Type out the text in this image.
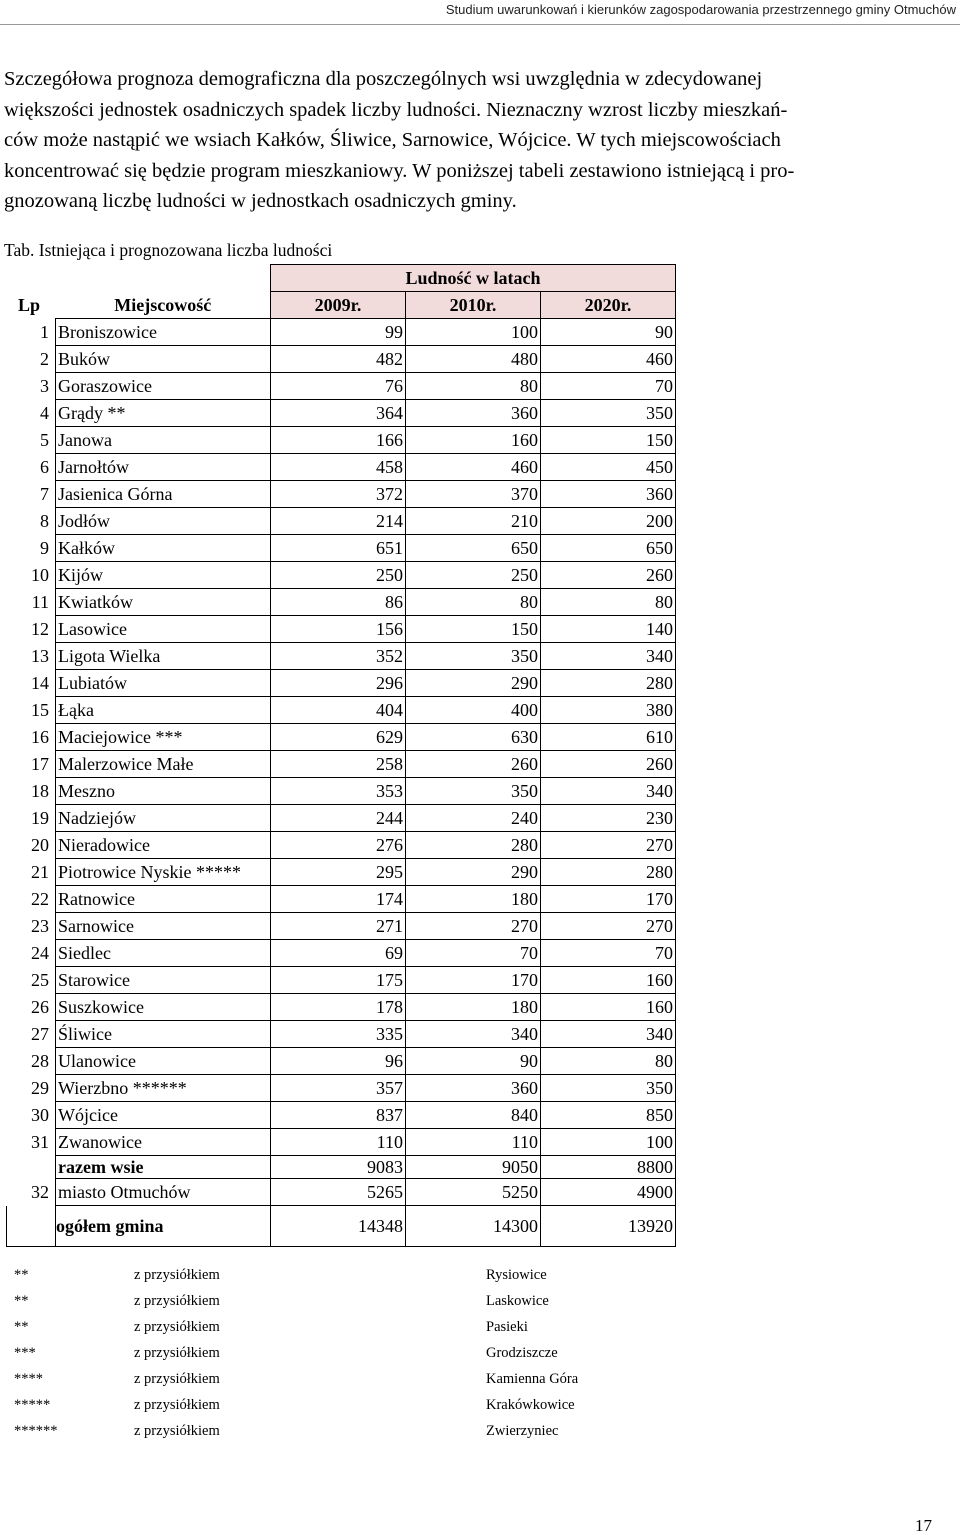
Studium uwarunkowań i kierunków zagospodarowania przestrzennego gminy Otmuchów
Szczegółowa prognoza demograficzna dla poszczególnych wsi uwzględnia w zdecydowanej
większości jednostek osadniczych spadek liczby ludności. Nieznaczny wzrost liczby mieszkań-
ców może nastąpić we wsiach Kałków, Śliwice, Sarnowice, Wójcice. W tych miejscowościach
koncentrować się będzie program mieszkaniowy. W poniższej tabeli zestawiono istniejącą i pro-
gnozowaną liczbę ludności w jednostkach osadniczych gminy.
Tab. Istniejąca i prognozowana liczba ludności
		Ludność w latach		
Lp	Miejscowość	2009r.	2010r.	2020r.
1	Broniszowice	99	100	90
2	Buków	482	480	460
3	Goraszowice	76	80	70
4	Grądy **	364	360	350
5	Janowa	166	160	150
6	Jarnołtów	458	460	450
7	Jasienica Górna	372	370	360
8	Jodłów	214	210	200
9	Kałków	651	650	650
10	Kijów	250	250	260
11	Kwiatków	86	80	80
12	Lasowice	156	150	140
13	Ligota Wielka	352	350	340
14	Lubiatów	296	290	280
15	Łąka	404	400	380
16	Maciejowice ***	629	630	610
17	Malerzowice Małe	258	260	260
18	Meszno	353	350	340
19	Nadziejów	244	240	230
20	Nieradowice	276	280	270
21	Piotrowice Nyskie *****	295	290	280
22	Ratnowice	174	180	170
23	Sarnowice	271	270	270
24	Siedlec	69	70	70
25	Starowice	175	170	160
26	Suszkowice	178	180	160
27	Śliwice	335	340	340
28	Ulanowice	96	90	80
29	Wierzbno ******	357	360	350
30	Wójcice	837	840	850
31	Zwanowice	110	110	100
	razem wsie	9083	9050	8800
32	miasto Otmuchów	5265	5250	4900
	ogółem gmina	14348	14300	13920
**	z przysiółkiem	Rysiowice
**	z przysiółkiem	Laskowice
**	z przysiółkiem	Pasieki
***	z przysiółkiem	Grodziszcze
****	z przysiółkiem	Kamienna Góra
*****	z przysiółkiem	Krakówkowice
******	z przysiółkiem	Zwierzyniec
17
